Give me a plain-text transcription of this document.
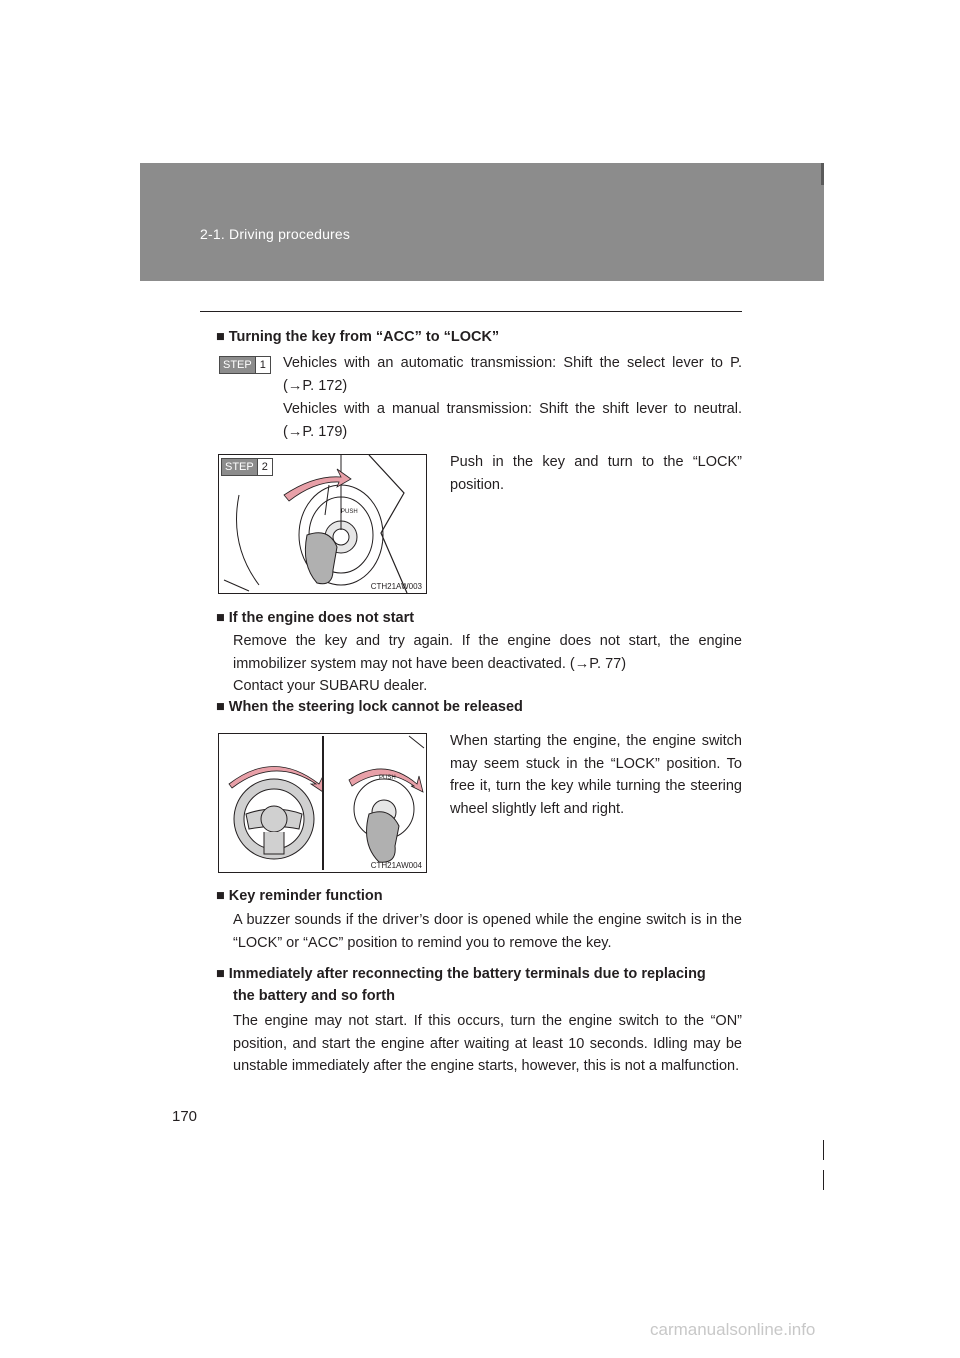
2-1. Driving procedures
■ Turning the key from “ACC” to “LOCK”
STEP 1 Vehicles with an automatic transmission: Shift the select lever to P. (→P. 172)
Vehicles with a manual transmission: Shift the shift lever to neutral. (→P. 179)
STEP 2
PUSH
CTH21AW003
Push in the key and turn to the “LOCK” position.
■ If the engine does not start
Remove the key and try again. If the engine does not start, the engine immobilizer system may not have been deactivated. (→P. 77)
Contact your SUBARU dealer.
■ When the steering lock cannot be released
PUSH
CTH21AW004
When starting the engine, the engine switch may seem stuck in the “LOCK” position. To free it, turn the key while turning the steering wheel slightly left and right.
■ Key reminder function
A buzzer sounds if the driver’s door is opened while the engine switch is in the “LOCK” or “ACC” position to remind you to remove the key.
■ Immediately after reconnecting the battery terminals due to replacing
the battery and so forth
The engine may not start. If this occurs, turn the engine switch to the “ON” position, and start the engine after waiting at least 10 seconds. Idling may be unstable immediately after the engine starts, however, this is not a malfunction.
170
carmanualsonline.info
